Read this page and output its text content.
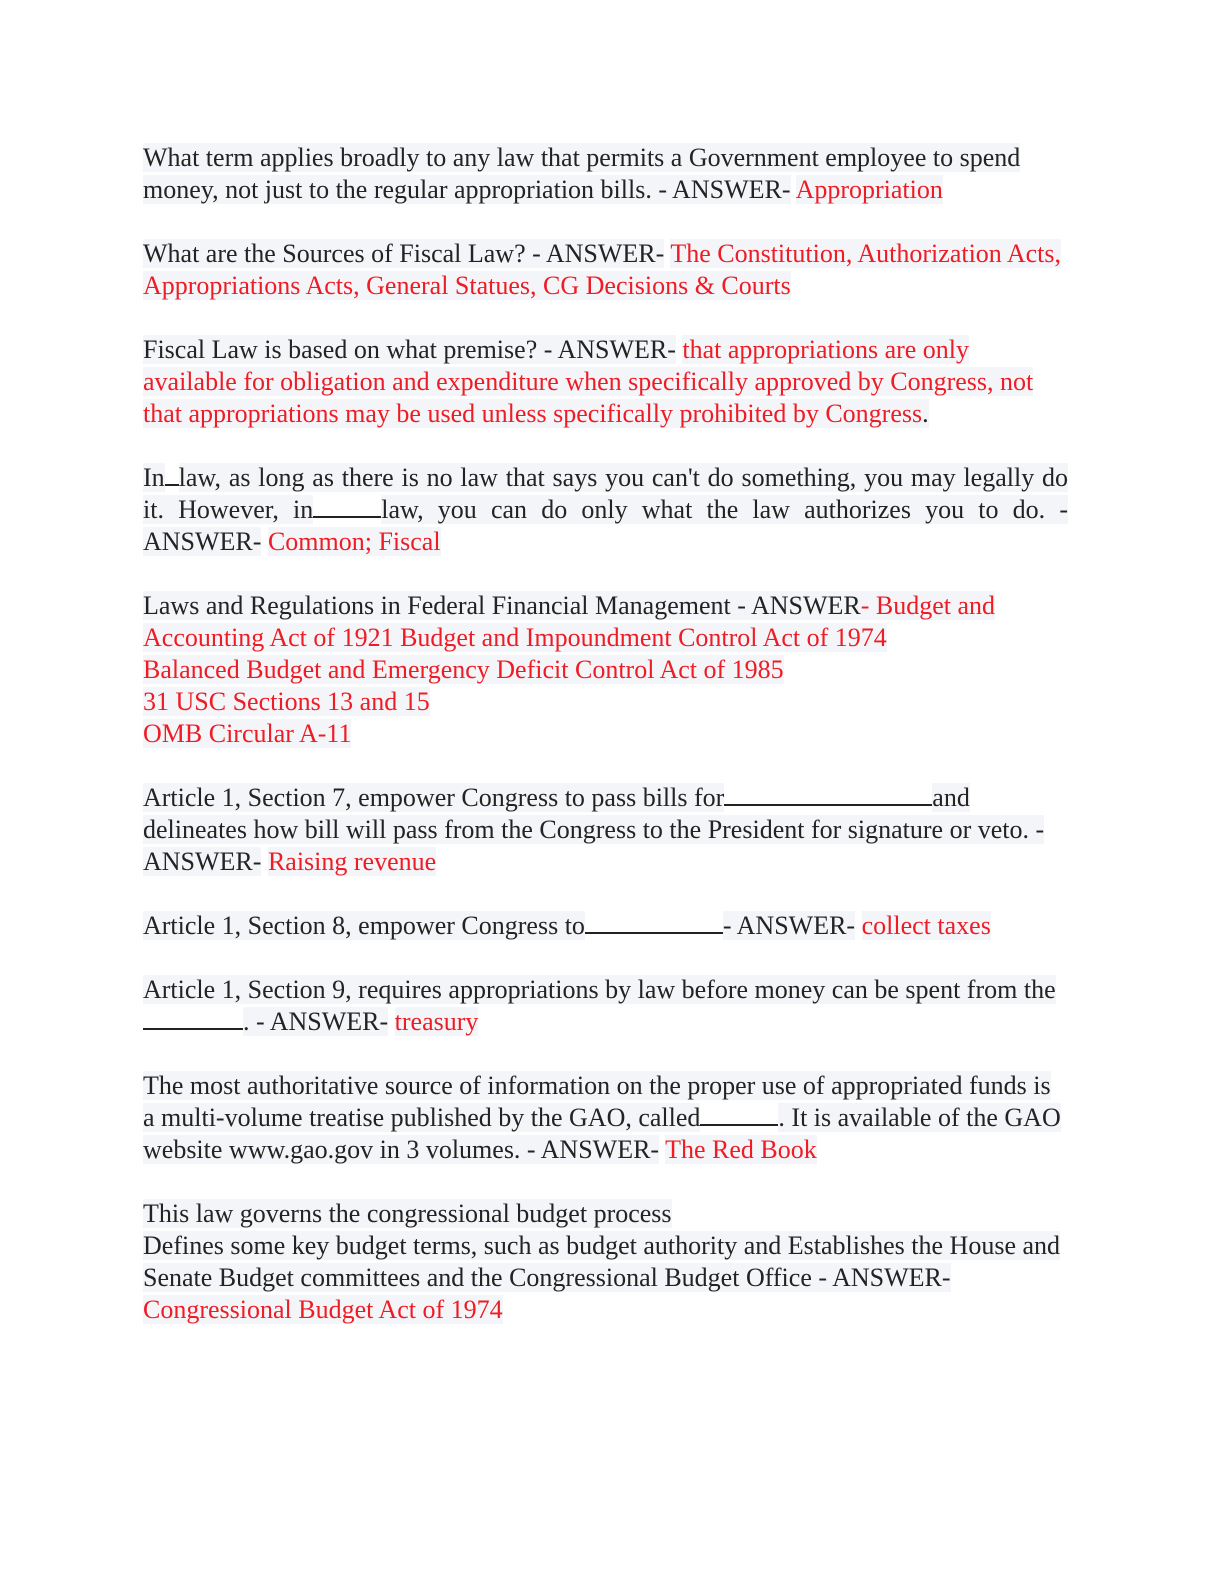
What term applies broadly to any law that permits a Government employee to spend money, not just to the regular appropriation bills. - ANSWER- Appropriation

What are the Sources of Fiscal Law? - ANSWER- The Constitution, Authorization Acts, Appropriations Acts, General Statues, CG Decisions & Courts

Fiscal Law is based on what premise? - ANSWER- that appropriations are only available for obligation and expenditure when specifically approved by Congress, not that appropriations may be used unless specifically prohibited by Congress.

In law, as long as there is no law that says you can't do something, you may legally do it. However, in	law, you can do only what the law authorizes you to do. - ANSWER- Common; Fiscal

Laws and Regulations in Federal Financial Management - ANSWER- Budget and Accounting Act of 1921 Budget and Impoundment Control Act of 1974
Balanced Budget and Emergency Deficit Control Act of 1985
31 USC Sections 13 and 15
OMB Circular A-11

Article 1, Section 7, empower Congress to pass bills for	and delineates how bill will pass from the Congress to the President for signature or veto. - ANSWER- Raising revenue

Article 1, Section 8, empower Congress to	- ANSWER- collect taxes

Article 1, Section 9, requires appropriations by law before money can be spent from the. - ANSWER- treasury

The most authoritative source of information on the proper use of appropriated funds is a multi-volume treatise published by the GAO, called	. It is available of the GAO website www.gao.gov in 3 volumes. - ANSWER- The Red Book

This law governs the congressional budget process
Defines some key budget terms, such as budget authority and Establishes the House and Senate Budget committees and the Congressional Budget Office - ANSWER- Congressional Budget Act of 1974
